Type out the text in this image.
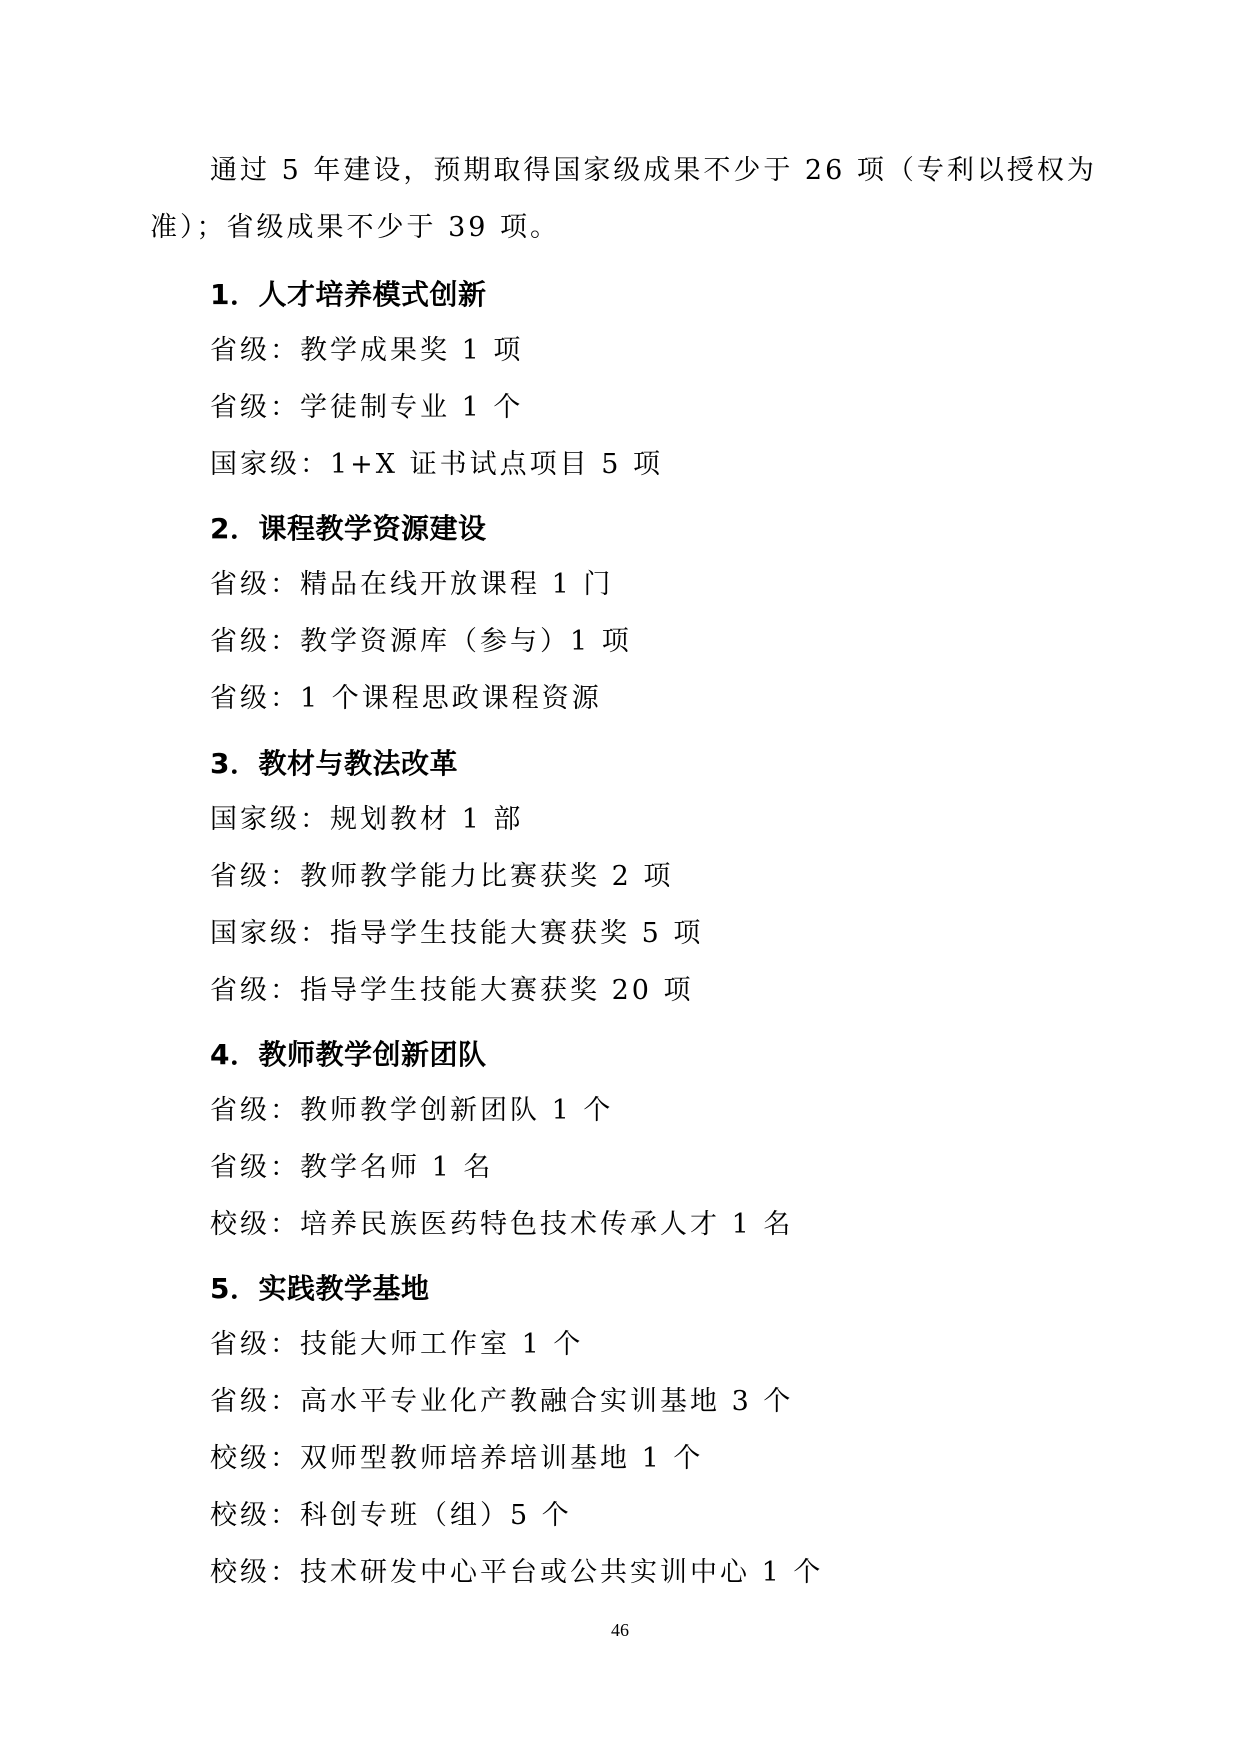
通过 5 年建设，预期取得国家级成果不少于 26 项（专利以授权为准）；省级成果不少于 39 项。

1．人才培养模式创新

省级：教学成果奖 1 项

省级：学徒制专业 1 个

国家级：1+X 证书试点项目 5 项

2．课程教学资源建设

省级：精品在线开放课程 1 门

省级：教学资源库（参与）1 项

省级：1 个课程思政课程资源

3．教材与教法改革

国家级：规划教材 1 部

省级：教师教学能力比赛获奖 2 项

国家级：指导学生技能大赛获奖 5 项

省级：指导学生技能大赛获奖 20 项

4．教师教学创新团队

省级：教师教学创新团队 1 个

省级：教学名师 1 名

校级：培养民族医药特色技术传承人才 1 名

5．实践教学基地

省级：技能大师工作室 1 个

省级：高水平专业化产教融合实训基地 3 个

校级：双师型教师培养培训基地 1 个

校级：科创专班（组）5 个

校级：技术研发中心平台或公共实训中心 1 个

46
